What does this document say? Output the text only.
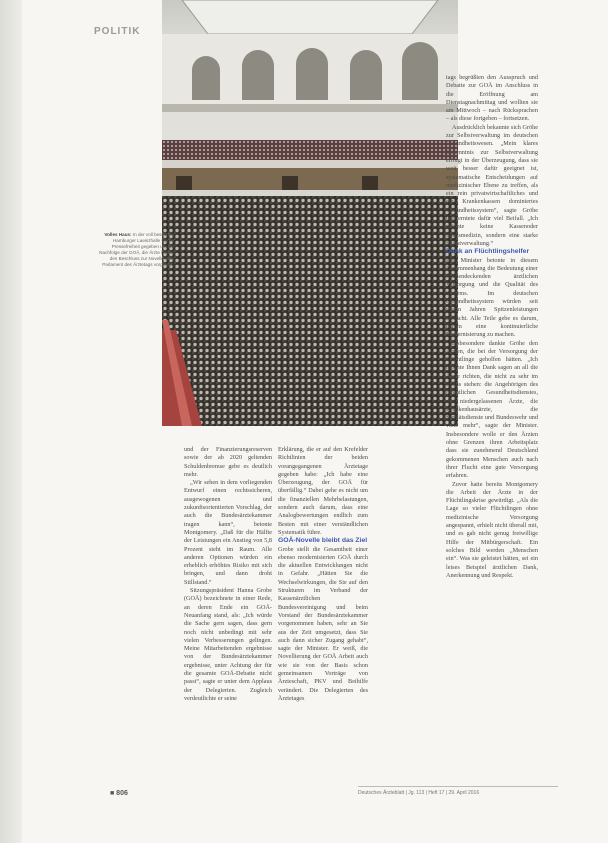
POLITIK
Volles Haus: In der voll besetzten Hamburger Laeiszhalle wurde Pressefreiheit gegeben um die Nachfolge der GOÄ, die Ärzte hatten den Beschluss zur Novelle dem Parlament des Ärztetags vorgelegt.

und der Finanzierungsreserven sowie der ab 2020 geltenden Schuldenbremse gebe es deutlich mehr.

„Wir sehen in dem vorliegenden Entwurf einen rechtssicheren, ausgewogenen und zukunftsorientierten Vorschlag, der auch die Bundesärztekammer tragen kann“, betonte Montgomery. „Daß für die Hälfte der Leistungen ein Anstieg von 5,8 Prozent steht im Raum. Alle anderen Optionen würden ein erheblich erhöhtes Risiko mit sich bringen, und dann droht Stillstand.“

Sitzungspräsident Hanna Grobe (GOÄ) bezeichnete in einer Rede, an deren Ende ein GOÄ-Neuanfang stand, als: „Ich würde die Sache gern sagen, dass gern noch nicht unbedingt mit sehr vielen Verbesserungen gelingen. Meine Mitarbeitenden ergebnisse von der Bundesärztekammer ergebnisse, unter Achtung der für die gesamte GOÄ-Debatte nicht passt“, sagte er unter dem Applaus der Delegierten. Zugleich verdeutlichte er seine

Erklärung, die er auf den Krefelder Richtlinien der beiden vorangegangenen Ärztetage gegeben habe: „Ich habe eine Überzeugung, der GOÄ für überfällig.“ Dabei gehe es nicht um die finanziellen Mehrbelastungen, sondern auch darum, dass eine Analogbewertungen endlich zum Besten mit einer verständlichen Systematik führe.

GOÄ-Novelle bleibt das Ziel

Grobe stellt die Gesamtheit einer ebenso modernisierten GOÄ durch die aktuellen Entwicklungen nicht in Gefahr. „Hätten Sie die Wechselwirkungen, die Sie auf den Strukturen im Verband der Kassenärztlichen Bundesvereinigung und beim Vorstand der Bundesärztekammer vorgenommen haben, sehr an Sie aus der Zeit umgesetzt, dass Sie auch dann sicher Zugang gehabt“, sagte der Minister. Er weiß, die Novellierung der GOÄ Arbeit auch wie sie von der Basis schon gemeinsamen Vorträge von Ärzteschaft, PKV und Beihilfe verändert. Die Delegierten des Ärztetages

tags begrüßten den Ausspruch und Debatte zur GOÄ im Anschluss in die Eröffnung am Dienstagnachmittag und wollten sie am Mittwoch – nach Rücksprachen – als diese fortgeben – fortsetzen.

Ausdrücklich bekannte sich Gröhe zur Selbstverwaltung im deutschen Gesundheitswesen. „Mein klares Bekenntnis zur Selbstverwaltung erfolgt in der Überzeugung, dass sie weit besser dafür geeignet ist, systematische Entscheidungen auf medizinischer Ebene zu treffen, als ein rein privatwirtschaftliches und ein Krankenkassen dominiertes Gesundheitssystem“, sagte Gröhe und erntete dafür viel Beifall. „Ich möchte keine Kassenoder Staatsmedizin, sondern eine starke Selbstverwaltung.“

Dank an Flüchtlingshelfer

Der Minister betonte in diesem Zusammenhang die Bedeutung einer flächendeckenden ärztlichen Versorgung und die Qualität des Systems. Im deutschen Gesundheitssystem würden seit vielen Jahren Spitzenleistungen erbracht. Alle Teile gebe es darum, darum eine kontinuierliche Modernisierung zu machen.

Insbesondere dankte Gröhe den Ärzten, die bei der Versorgung der Flüchtlinge geholfen hätten. „Ich möchte Ihnen Dank sagen an all die Ärzte richten, die nicht zu sehr im Fokus stehen: die Angehörigen des öffentlichen Gesundheitsdienstes, die niedergelassenen Ärzte, die Krankenhausärzte, die Sanitätsdienste und Bundeswehr und viele mehr“, sagte der Minister. Insbesondere wolle er den Ärzten ohne Grenzen ihren Arbeitsplatz dass sie zunehmend Deutschland gekommenen Menschen auch nach ihrer Flucht eine gute Versorgung erfahren.

Zuvor hatte bereits Montgomery die Arbeit der Ärzte in der Flüchtlingskrise gewürdigt. „Als die Lage so vieler Flüchtlingen ohne medizinische Versorgung angespannt, erhielt nicht überall mit, und es gab nicht genug freiwillige Hilfe der Mitbürgerschaft. Ein solches Bild werden „Menschen ein“. Was sie geleistet hätten, sei ein leises Beispiel ärztlichen Dank, Anerkennung und Respekt.

■ 806	Deutsches Ärzteblatt | Jg. 113 | Heft 17 | 29. April 2016
